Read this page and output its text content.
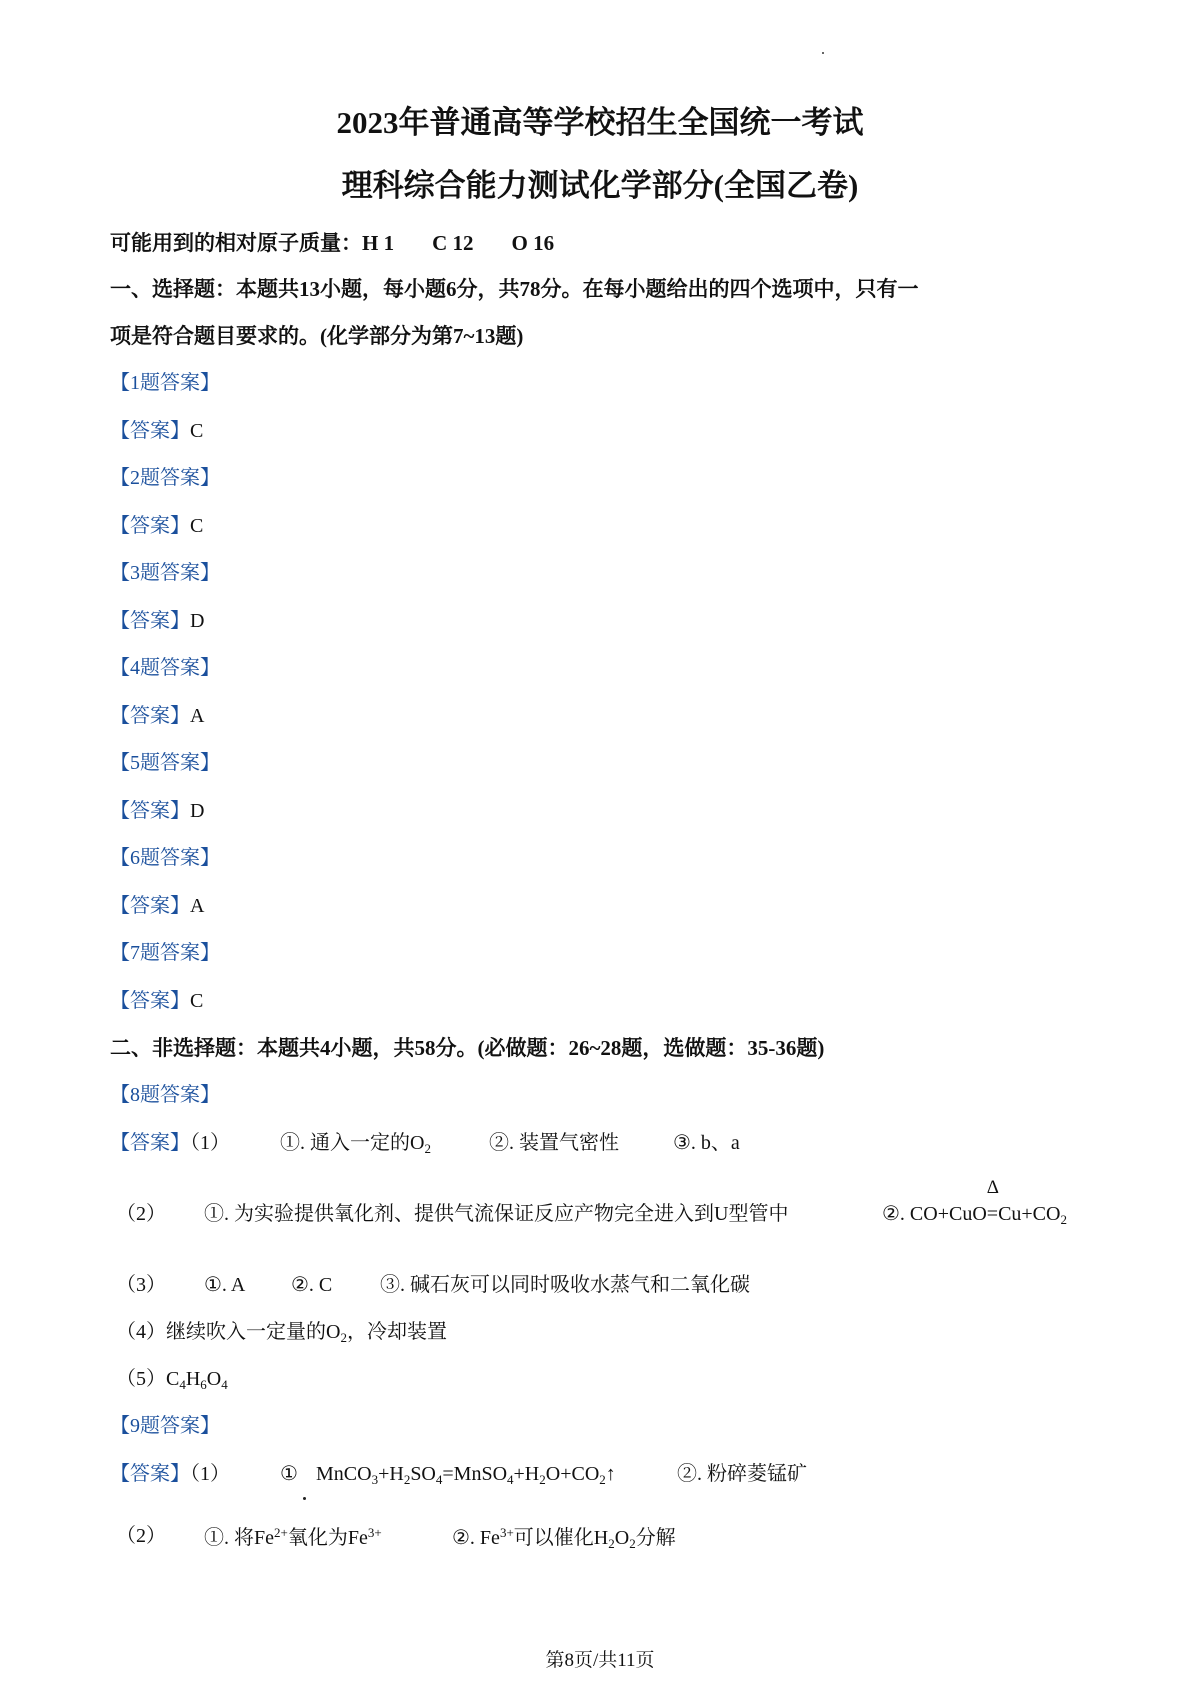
2023年普通高等学校招生全国统一考试
理科综合能力测试化学部分(全国乙卷)
可能用到的相对原子质量：H 1 C 12 O 16
一、选择题：本题共13小题，每小题6分，共78分。在每小题给出的四个选项中，只有一
项是符合题目要求的。(化学部分为第7~13题)
【1题答案】
【答案】C
【2题答案】
【答案】C
【3题答案】
【答案】D
【4题答案】
【答案】A
【5题答案】
【答案】D
【6题答案】
【答案】A
【7题答案】
【答案】C
二、非选择题：本题共4小题，共58分。(必做题：26~28题，选做题：35-36题)
【8题答案】
【答案】（1）	①. 通入一定的$O_2$	②. 装置气密性	③. b、a
（2） ①. 为实验提供氧化剂、提供气流保证反应产物完全进入到U型管中	②. CO+CuO
Δ
$=Cu+CO_2$
（3） ①. A ②. C ③. 碱石灰可以同时吸收水蒸气和二氧化碳
（4）继续吹入一定量的$O_2$，冷却装置
$(5)C_4H_6O_4$
【9题答案】
【答案】（1）	① $MnCO_3+H_2SO_4=MnSO_4+H_2O+CO_2↑$	②. 粉碎菱锰矿
（2） ①. 将$Fe^{2+}$氧化为$Fe^{3+}$	②. $Fe^{3+}$可以催化$H_2O_2$分解
第8页/共11页
